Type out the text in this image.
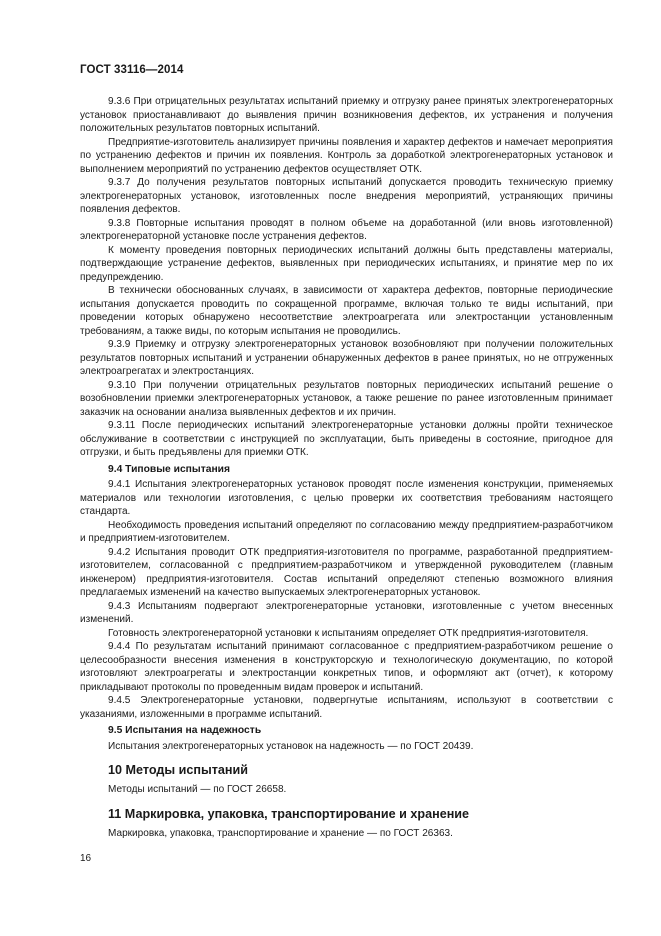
ГОСТ 33116—2014

9.3.6 При отрицательных результатах испытаний приемку и отгрузку ранее принятых электрогенераторных установок приостанавливают до выявления причин возникновения дефектов, их устранения и получения положительных результатов повторных испытаний.

Предприятие-изготовитель анализирует причины появления и характер дефектов и намечает мероприятия по устранению дефектов и причин их появления. Контроль за доработкой электрогенераторных установок и выполнением мероприятий по устранению дефектов осуществляет ОТК.

9.3.7 До получения результатов повторных испытаний допускается проводить техническую приемку электрогенераторных установок, изготовленных после внедрения мероприятий, устраняющих причины появления дефектов.

9.3.8 Повторные испытания проводят в полном объеме на доработанной (или вновь изготовленной) электрогенераторной установке после устранения дефектов.

К моменту проведения повторных периодических испытаний должны быть представлены материалы, подтверждающие устранение дефектов, выявленных при периодических испытаниях, и принятие мер по их предупреждению.

В технически обоснованных случаях, в зависимости от характера дефектов, повторные периодические испытания допускается проводить по сокращенной программе, включая только те виды испытаний, при проведении которых обнаружено несоответствие электроагрегата или электростанции установленным требованиям, а также виды, по которым испытания не проводились.

9.3.9 Приемку и отгрузку электрогенераторных установок возобновляют при получении положительных результатов повторных испытаний и устранении обнаруженных дефектов в ранее принятых, но не отгруженных электроагрегатах и электростанциях.

9.3.10 При получении отрицательных результатов повторных периодических испытаний решение о возобновлении приемки электрогенераторных установок, а также решение по ранее изготовленным принимает заказчик на основании анализа выявленных дефектов и их причин.

9.3.11 После периодических испытаний электрогенераторные установки должны пройти техническое обслуживание в соответствии с инструкцией по эксплуатации, быть приведены в состояние, пригодное для отгрузки, и быть предъявлены для приемки ОТК.

9.4 Типовые испытания

9.4.1 Испытания электрогенераторных установок проводят после изменения конструкции, применяемых материалов или технологии изготовления, с целью проверки их соответствия требованиям настоящего стандарта.

Необходимость проведения испытаний определяют по согласованию между предприятием-разработчиком и предприятием-изготовителем.

9.4.2 Испытания проводит ОТК предприятия-изготовителя по программе, разработанной предприятием-изготовителем, согласованной с предприятием-разработчиком и утвержденной руководителем (главным инженером) предприятия-изготовителя. Состав испытаний определяют степенью возможного влияния предлагаемых изменений на качество выпускаемых электрогенераторных установок.

9.4.3 Испытаниям подвергают электрогенераторные установки, изготовленные с учетом внесенных изменений.

Готовность электрогенераторной установки к испытаниям определяет ОТК предприятия-изготовителя.

9.4.4 По результатам испытаний принимают согласованное с предприятием-разработчиком решение о целесообразности внесения изменения в конструкторскую и технологическую документацию, по которой изготовляют электроагрегаты и электростанции конкретных типов, и оформляют акт (отчет), к которому прикладывают протоколы по проведенным видам проверок и испытаний.

9.4.5 Электрогенераторные установки, подвергнутые испытаниям, используют в соответствии с указаниями, изложенными в программе испытаний.

9.5 Испытания на надежность

Испытания электрогенераторных установок на надежность — по ГОСТ 20439.

10 Методы испытаний

Методы испытаний — по ГОСТ 26658.

11 Маркировка, упаковка, транспортирование и хранение

Маркировка, упаковка, транспортирование и хранение — по ГОСТ 26363.

16
